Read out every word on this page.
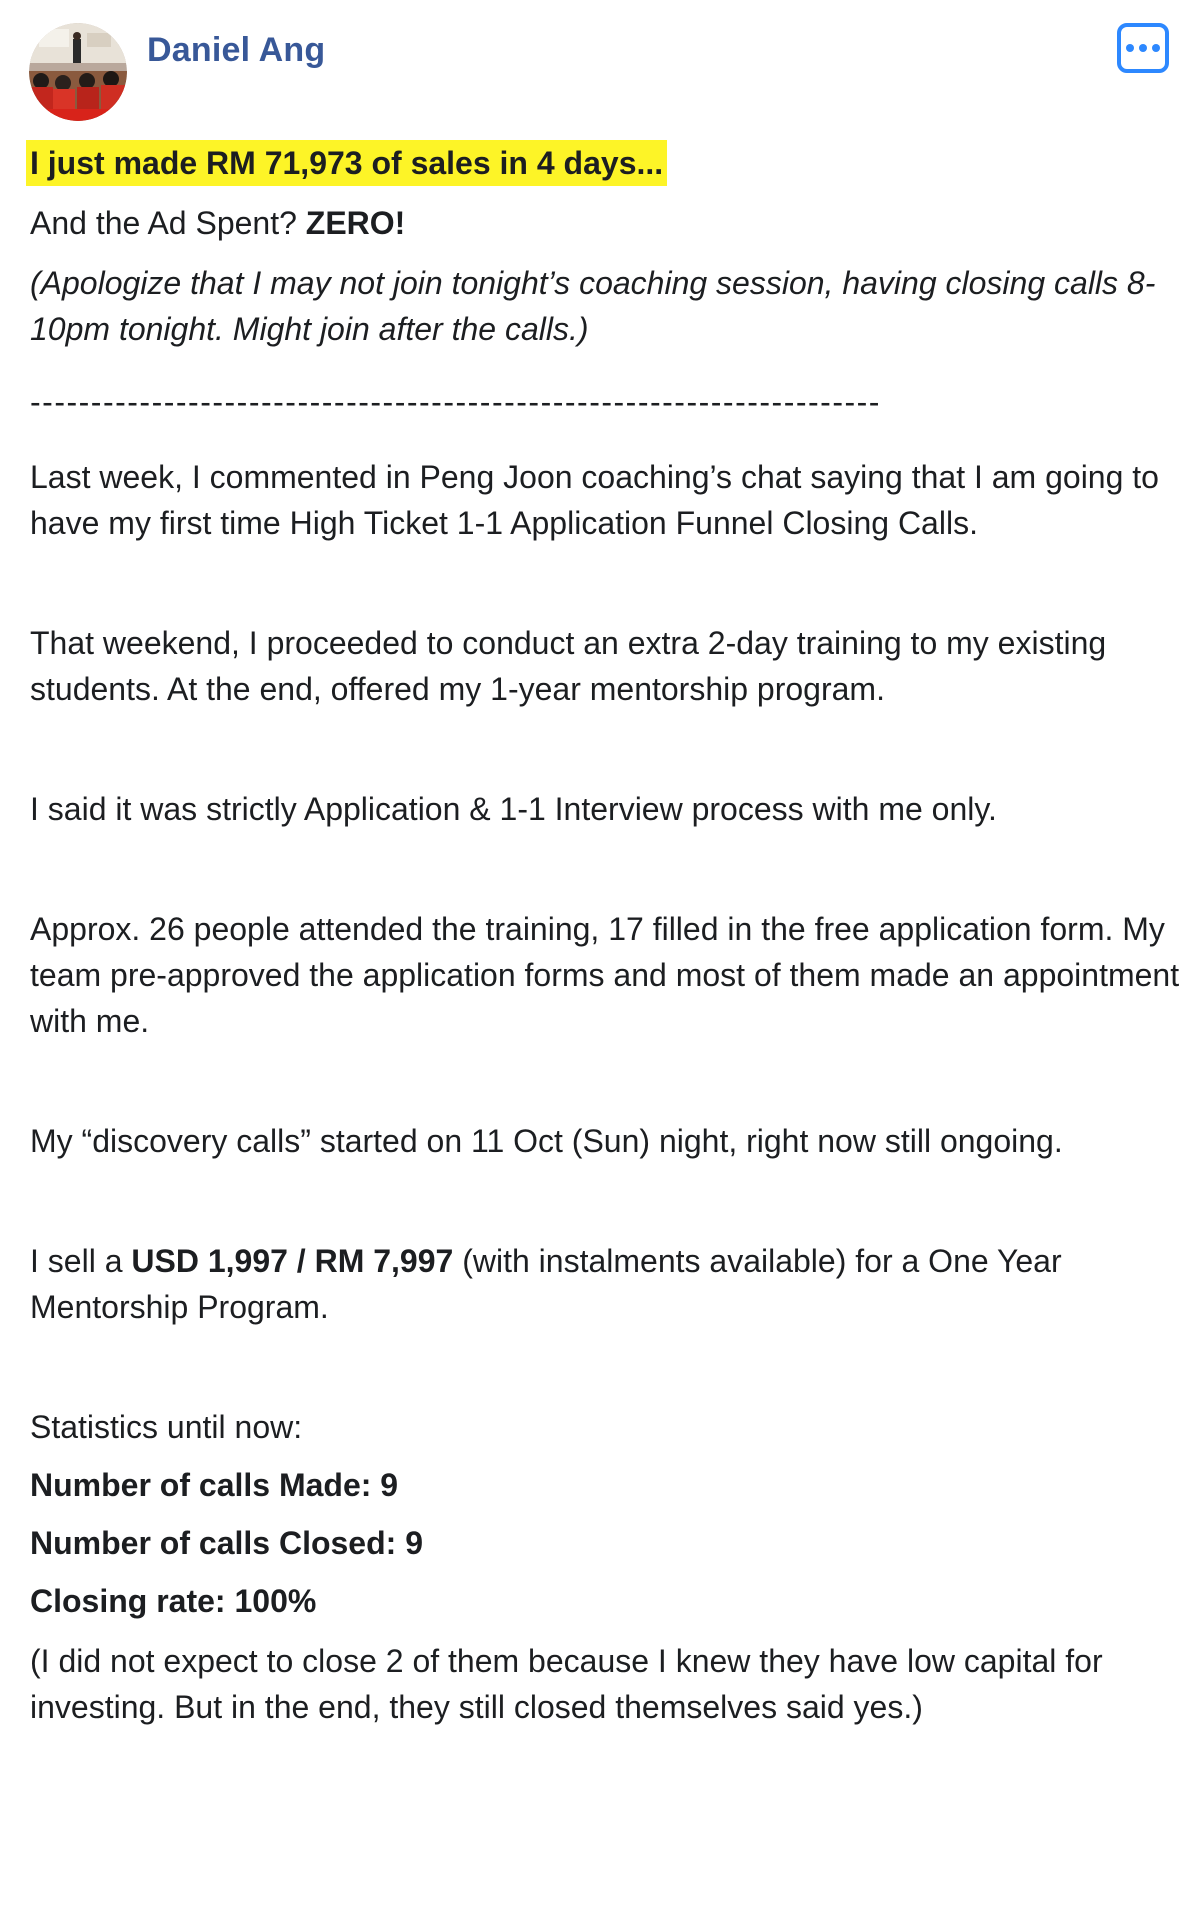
Daniel Ang
I just made RM 71,973 of sales in 4 days...
And the Ad Spent? ZERO!
(Apologize that I may not join tonight’s coaching session, having closing calls 8-10pm tonight. Might join after the calls.)
----------------------------------------------------------------------
Last week, I commented in Peng Joon coaching’s chat saying that I am going to have my first time High Ticket 1-1 Application Funnel Closing Calls.
That weekend, I proceeded to conduct an extra 2-day training to my existing students. At the end, offered my 1-year mentorship program.
I said it was strictly Application & 1-1 Interview process with me only.
Approx. 26 people attended the training, 17 filled in the free application form. My team pre-approved the application forms and most of them made an appointment with me.
My “discovery calls” started on 11 Oct (Sun) night, right now still ongoing.
I sell a USD 1,997 / RM 7,997 (with instalments available) for a One Year Mentorship Program.
Statistics until now:
Number of calls Made: 9
Number of calls Closed: 9
Closing rate: 100%
(I did not expect to close 2 of them because I knew they have low capital for investing. But in the end, they still closed themselves said yes.)
